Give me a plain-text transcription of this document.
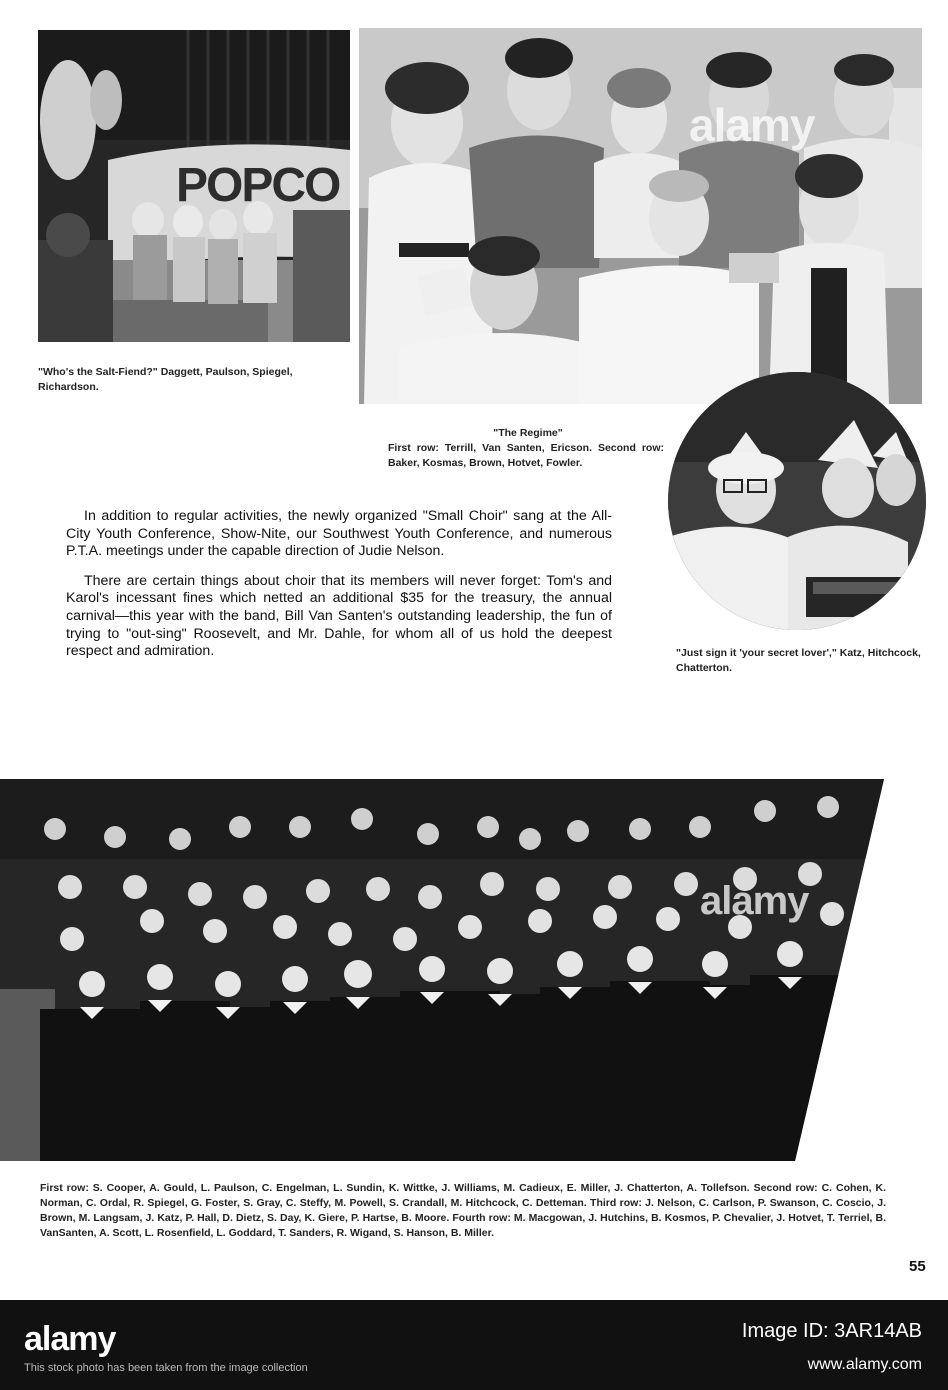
POPCO
"Who's the Salt-Fiend?" Daggett, Paulson, Spiegel, Richardson.
alamy
"The Regime"
First row: Terrill, Van Santen, Ericson. Second row: Baker, Kosmas, Brown, Hotvet, Fowler.
"Just sign it 'your secret lover'," Katz, Hitchcock, Chatterton.

In addition to regular activities, the newly organized "Small Choir" sang at the All-City Youth Conference, Show-Nite, our Southwest Youth Conference, and numerous P.T.A. meetings under the capable direction of Judie Nelson.

There are certain things about choir that its members will never forget: Tom's and Karol's incessant fines which netted an additional $35 for the treasury, the annual carnival—this year with the band, Bill Van Santen's outstanding leadership, the fun of trying to "out-sing" Roosevelt, and Mr. Dahle, for whom all of us hold the deepest respect and admiration.

alamy
First row: S. Cooper, A. Gould, L. Paulson, C. Engelman, L. Sundin, K. Wittke, J. Williams, M. Cadieux, E. Miller, J. Chatterton, A. Tollefson. Second row: C. Cohen, K. Norman, C. Ordal, R. Spiegel, G. Foster, S. Gray, C. Steffy, M. Powell, S. Crandall, M. Hitchcock, C. Detteman. Third row: J. Nelson, C. Carlson, P. Swanson, C. Coscio, J. Brown, M. Langsam, J. Katz, P. Hall, D. Dietz, S. Day, K. Giere, P. Hartse, B. Moore. Fourth row: M. Macgowan, J. Hutchins, B. Kosmos, P. Chevalier, J. Hotvet, T. Terriel, B. VanSanten, A. Scott, L. Rosenfield, L. Goddard, T. Sanders, R. Wigand, S. Hanson, B. Miller.
55
alamy
This stock photo has been taken from the image collection
Image ID: 3AR14AB
www.alamy.com
